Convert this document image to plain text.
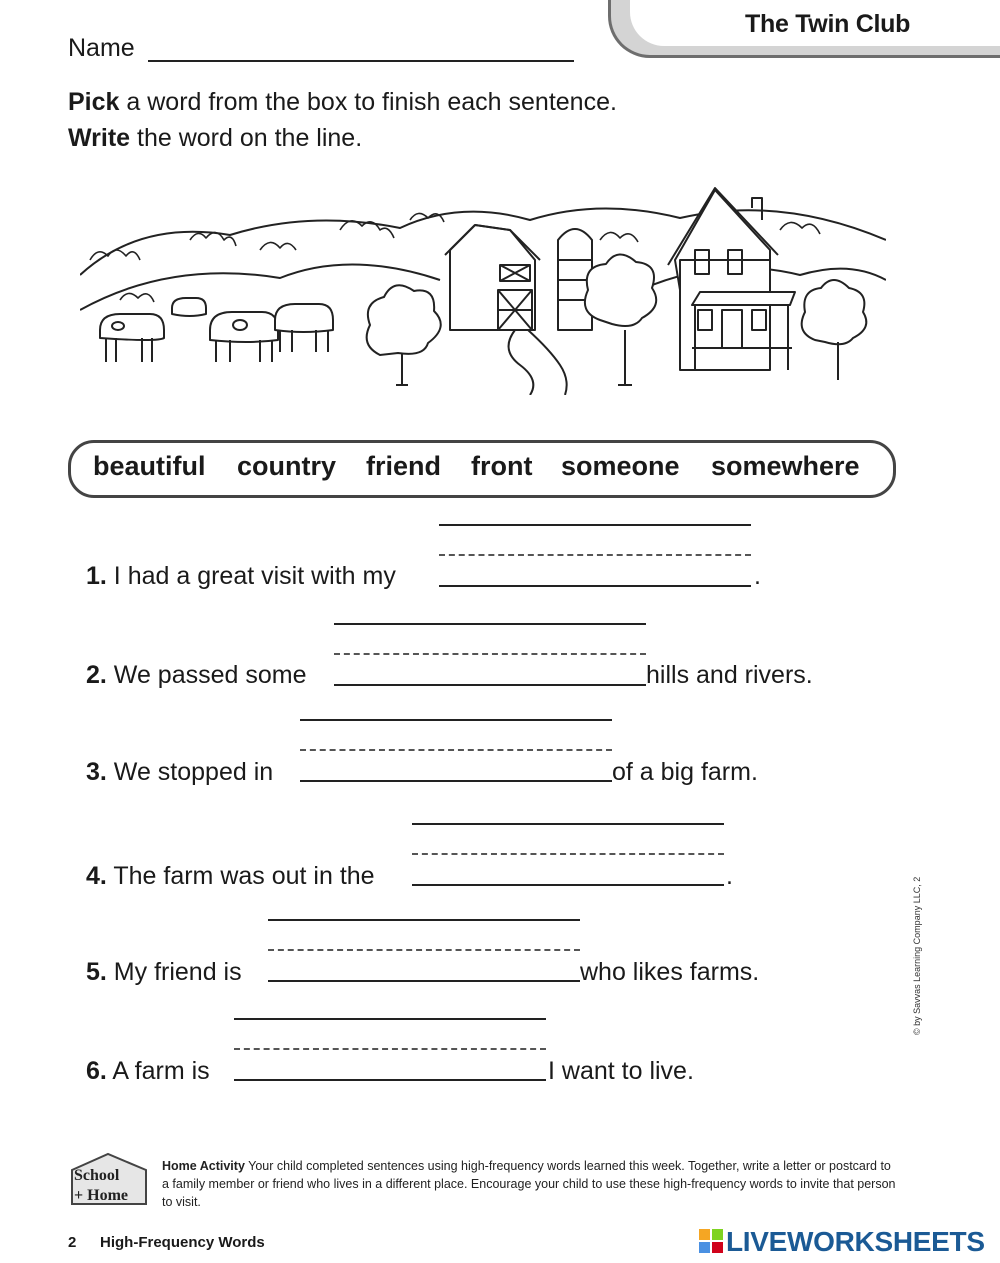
The Twin Club
Name
Pick a word from the box to finish each sentence.
Write the word on the line.
beautiful country friend front someone somewhere
1. I had a great visit with my	.
2. We passed some	hills and rivers.
3. We stopped in	of a big farm.
4. The farm was out in the	.
5. My friend is	who likes farms.
6. A farm is	I want to live.
© by Savvas Learning Company LLC, 2
School
+ Home
Home Activity Your child completed sentences using high-frequency words learned this week. Together, write a letter or postcard to a family member or friend who lives in a different place. Encourage your child to use these high-frequency words to invite that person to visit.
2 High-Frequency Words	LIVEWORKSHEETS
